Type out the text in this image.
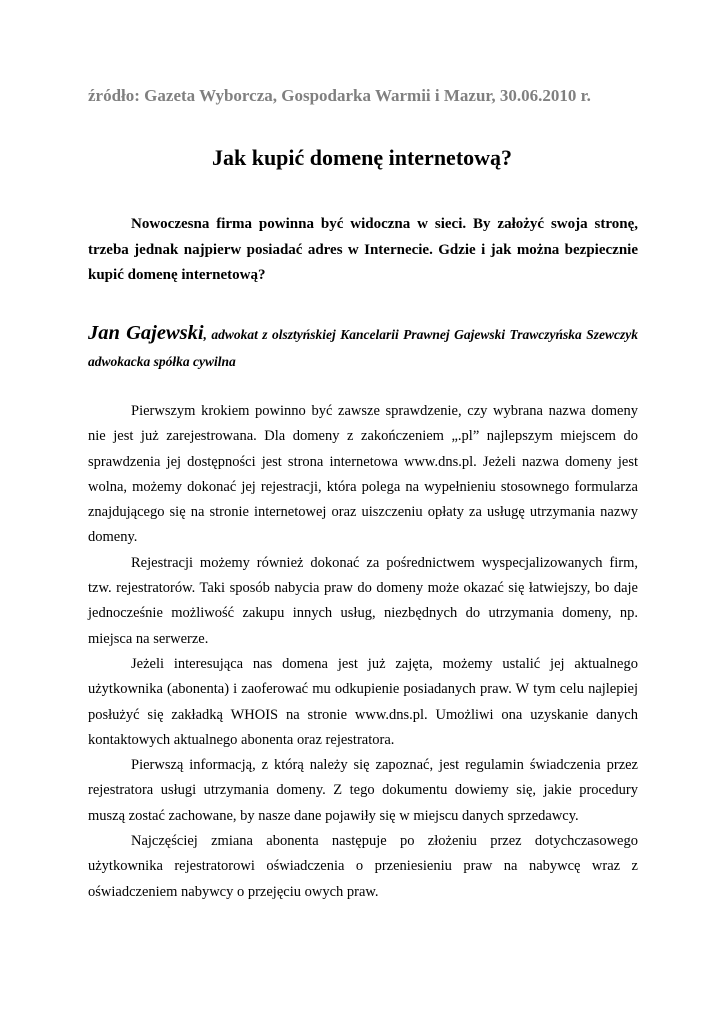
źródło: Gazeta Wyborcza, Gospodarka Warmii i Mazur, 30.06.2010 r.
Jak kupić domenę internetową?

Nowoczesna firma powinna być widoczna w sieci. By założyć swoja stronę, trzeba jednak najpierw posiadać adres w Internecie. Gdzie i jak można bezpiecznie kupić domenę internetową?

Jan Gajewski, adwokat z olsztyńskiej Kancelarii Prawnej Gajewski Trawczyńska Szewczyk adwokacka spółka cywilna

Pierwszym krokiem powinno być zawsze sprawdzenie, czy wybrana nazwa domeny nie jest już zarejestrowana. Dla domeny z zakończeniem „.pl” najlepszym miejscem do sprawdzenia jej dostępności jest strona internetowa www.dns.pl. Jeżeli nazwa domeny jest wolna, możemy dokonać jej rejestracji, która polega na wypełnieniu stosownego formularza znajdującego się na stronie internetowej oraz uiszczeniu opłaty za usługę utrzymania nazwy domeny.

Rejestracji możemy również dokonać za pośrednictwem wyspecjalizowanych firm, tzw. rejestratorów. Taki sposób nabycia praw do domeny może okazać się łatwiejszy, bo daje jednocześnie możliwość zakupu innych usług, niezbędnych do utrzymania domeny, np. miejsca na serwerze.

Jeżeli interesująca nas domena jest już zajęta, możemy ustalić jej aktualnego użytkownika (abonenta) i zaoferować mu odkupienie posiadanych praw. W tym celu najlepiej posłużyć się zakładką WHOIS na stronie www.dns.pl. Umożliwi ona uzyskanie danych kontaktowych aktualnego abonenta oraz rejestratora.

Pierwszą informacją, z którą należy się zapoznać, jest regulamin świadczenia przez rejestratora usługi utrzymania domeny. Z tego dokumentu dowiemy się, jakie procedury muszą zostać zachowane, by nasze dane pojawiły się w miejscu danych sprzedawcy.

Najczęściej zmiana abonenta następuje po złożeniu przez dotychczasowego użytkownika rejestratorowi oświadczenia o przeniesieniu praw na nabywcę wraz z oświadczeniem nabywcy o przejęciu owych praw.
